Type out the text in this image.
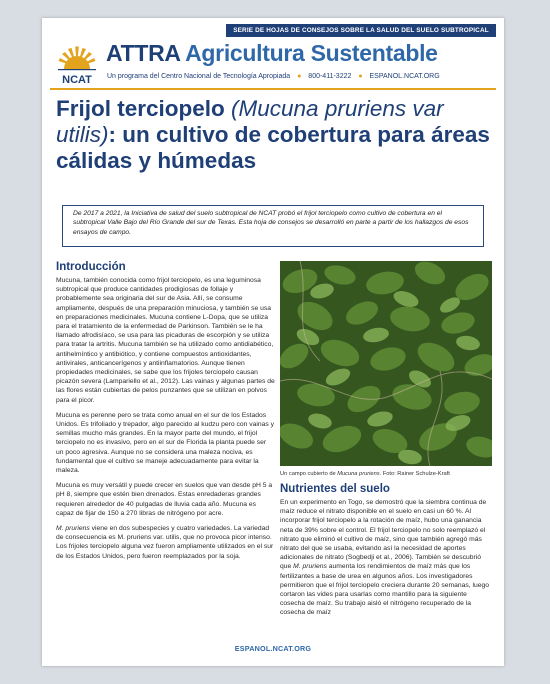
SERIE DE HOJAS DE CONSEJOS SOBRE LA SALUD DEL SUELO SUBTROPICAL
NCAT
ATTRA Agricultura Sustentable
Un programa del Centro Nacional de Tecnología Apropiada ● 800-411-3222 ● ESPANOL.NCAT.ORG
Frijol terciopelo (Mucuna pruriens var utilis): un cultivo de cobertura para áreas cálidas y húmedas
De 2017 a 2021, la Iniciativa de salud del suelo subtropical de NCAT probó el frijol terciopelo como cultivo de cobertura en el subtropical Valle Bajo del Río Grande del sur de Texas. Esta hoja de consejos se desarrolló en parte a partir de los hallazgos de esos ensayos de campo.
Introducción

Mucuna, también conocida como frijol terciopelo, es una leguminosa subtropical que produce cantidades prodigiosas de follaje y probablemente sea originaria del sur de Asia. Allí, se consume ampliamente, después de una preparación minuciosa, y también se usa en preparaciones medicinales. Mucuna contiene L-Dopa, que se utiliza para el tratamiento de la enfermedad de Parkinson. También se le ha llamado afrodisíaco, se usa para las picaduras de escorpión y se utiliza para tratar la artritis. Mucuna también se ha utilizado como antidiabético, antihelmíntico y antibiótico, y contiene compuestos antioxidantes, antivirales, anticancerígenos y antiinflamatorios. Aunque tienen propiedades medicinales, se sabe que los frijoles terciopelo causan picazón severa (Lampariello et al., 2012). Las vainas y algunas partes de las flores están cubiertas de pelos punzantes que se utilizan en polvos para el picor.

Mucuna es perenne pero se trata como anual en el sur de los Estados Unidos. Es trifoliado y trepador, algo parecido al kudzu pero con vainas y semillas mucho más grandes. En la mayor parte del mundo, el frijol terciopelo no es invasivo, pero en el sur de Florida la planta puede ser un poco agresiva. Aunque no se considera una maleza nociva, es fundamental que el cultivo se maneje adecuadamente para evitar la maleza.

Mucuna es muy versátil y puede crecer en suelos que van desde pH 5 a pH 8, siempre que estén bien drenados. Estas enredaderas grandes requieren alrededor de 40 pulgadas de lluvia cada año. Mucuna es capaz de fijar de 150 a 270 libras de nitrógeno por acre.

M. pruriens viene en dos subespecies y cuatro variedades. La variedad de consecuencia es M. pruriens var. utilis, que no provoca picor intenso. Los frijoles terciopelo alguna vez fueron ampliamente utilizados en el sur de los Estados Unidos, pero fueron reemplazados por la soja.

Un campo cubierto de Mucuna pruriens. Foto: Rainer Schulze-Kraft
Nutrientes del suelo

En un experimento en Togo, se demostró que la siembra continua de maíz reduce el nitrato disponible en el suelo en casi un 60 %. Al incorporar frijol terciopelo a la rotación de maíz, hubo una ganancia neta de 39% sobre el control. El frijol terciopelo no solo reemplazó el nitrato que eliminó el cultivo de maíz, sino que también agregó más nitrato del que se usaba, evitando así la necesidad de aportes adicionales de nitrato (Sogbedji et al., 2006). También se descubrió que M. pruriens aumenta los rendimientos de maíz más que los fertilizantes a base de urea en algunos años. Los investigadores permitieron que el frijol terciopelo creciera durante 20 semanas, luego cortaron las vides para usarlas como mantillo para la siguiente cosecha de maíz. Su trabajo aisló el nitrógeno recuperado de la cosecha de maíz

ESPANOL.NCAT.ORG
